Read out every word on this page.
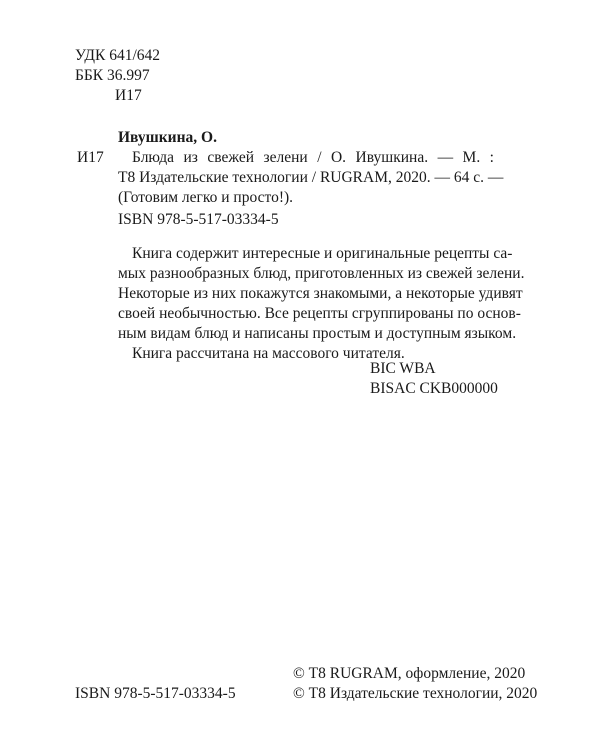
УДК 641/642
ББК 36.997
И17
Ивушкина, О.
И17	Блюда из свежей зелени / О. Ивушкина. — М. :
Т8 Издательские технологии / RUGRAM, 2020. — 64 с. —
(Готовим легко и просто!).
ISBN 978-5-517-03334-5
Книга содержит интересные и оригинальные рецепты са-
мых разнообразных блюд, приготовленных из свежей зелени.
Некоторые из них покажутся знакомыми, а некоторые удивят
своей необычностью. Все рецепты сгруппированы по основ-
ным видам блюд и написаны простым и доступным языком.
Книга рассчитана на массового читателя.
BIC WBA
BISAC CKB000000
ISBN 978-5-517-03334-5
© Т8 RUGRAM, оформление, 2020
© Т8 Издательские технологии, 2020
